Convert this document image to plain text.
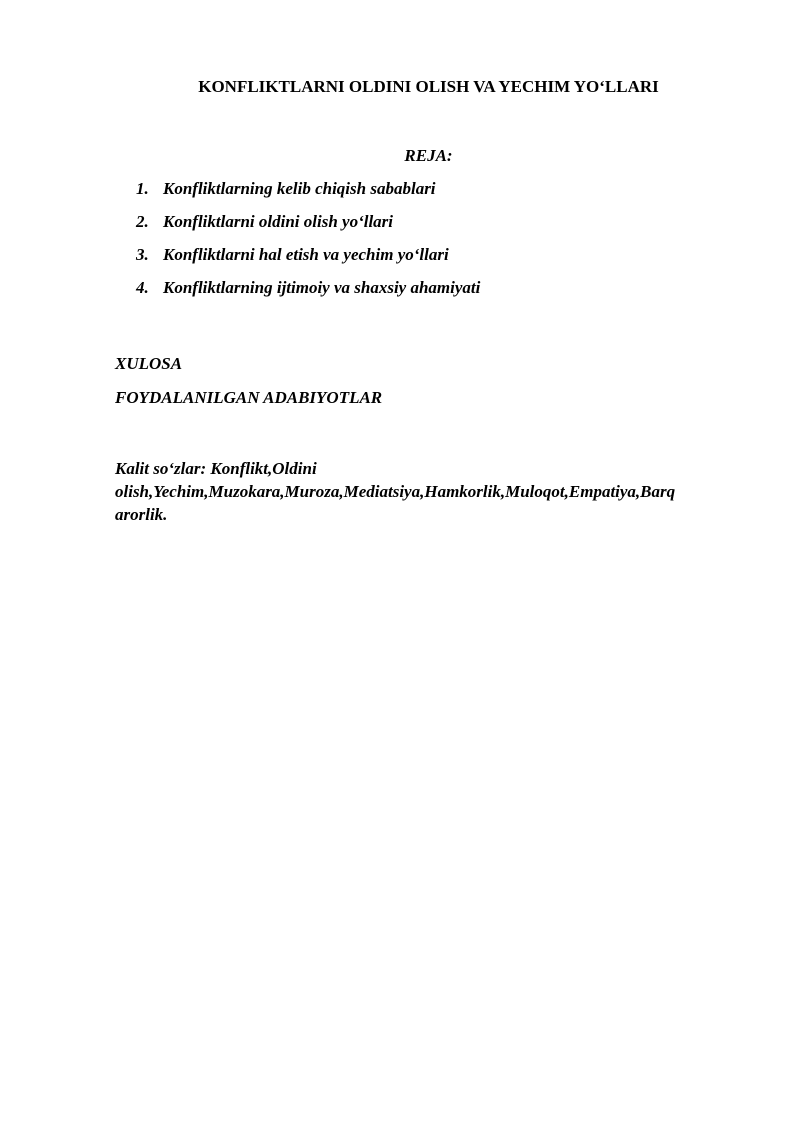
KONFLIKTLARNI OLDINI OLISH VA YECHIM YO‘LLARI

REJA:

1. Konfliktlarning kelib chiqish sabablari
2. Konfliktlarni oldini olish yo‘llari
3. Konfliktlarni hal etish va yechim yo‘llari
4. Konfliktlarning ijtimoiy va shaxsiy ahamiyati

XULOSA

FOYDALANILGAN ADABIYOTLAR

Kalit so‘zlar: Konflikt,Oldini
olish,Yechim,Muzokara,Muroza,Mediatsiya,Hamkorlik,Muloqot,Empatiya,Barq
arorlik.
